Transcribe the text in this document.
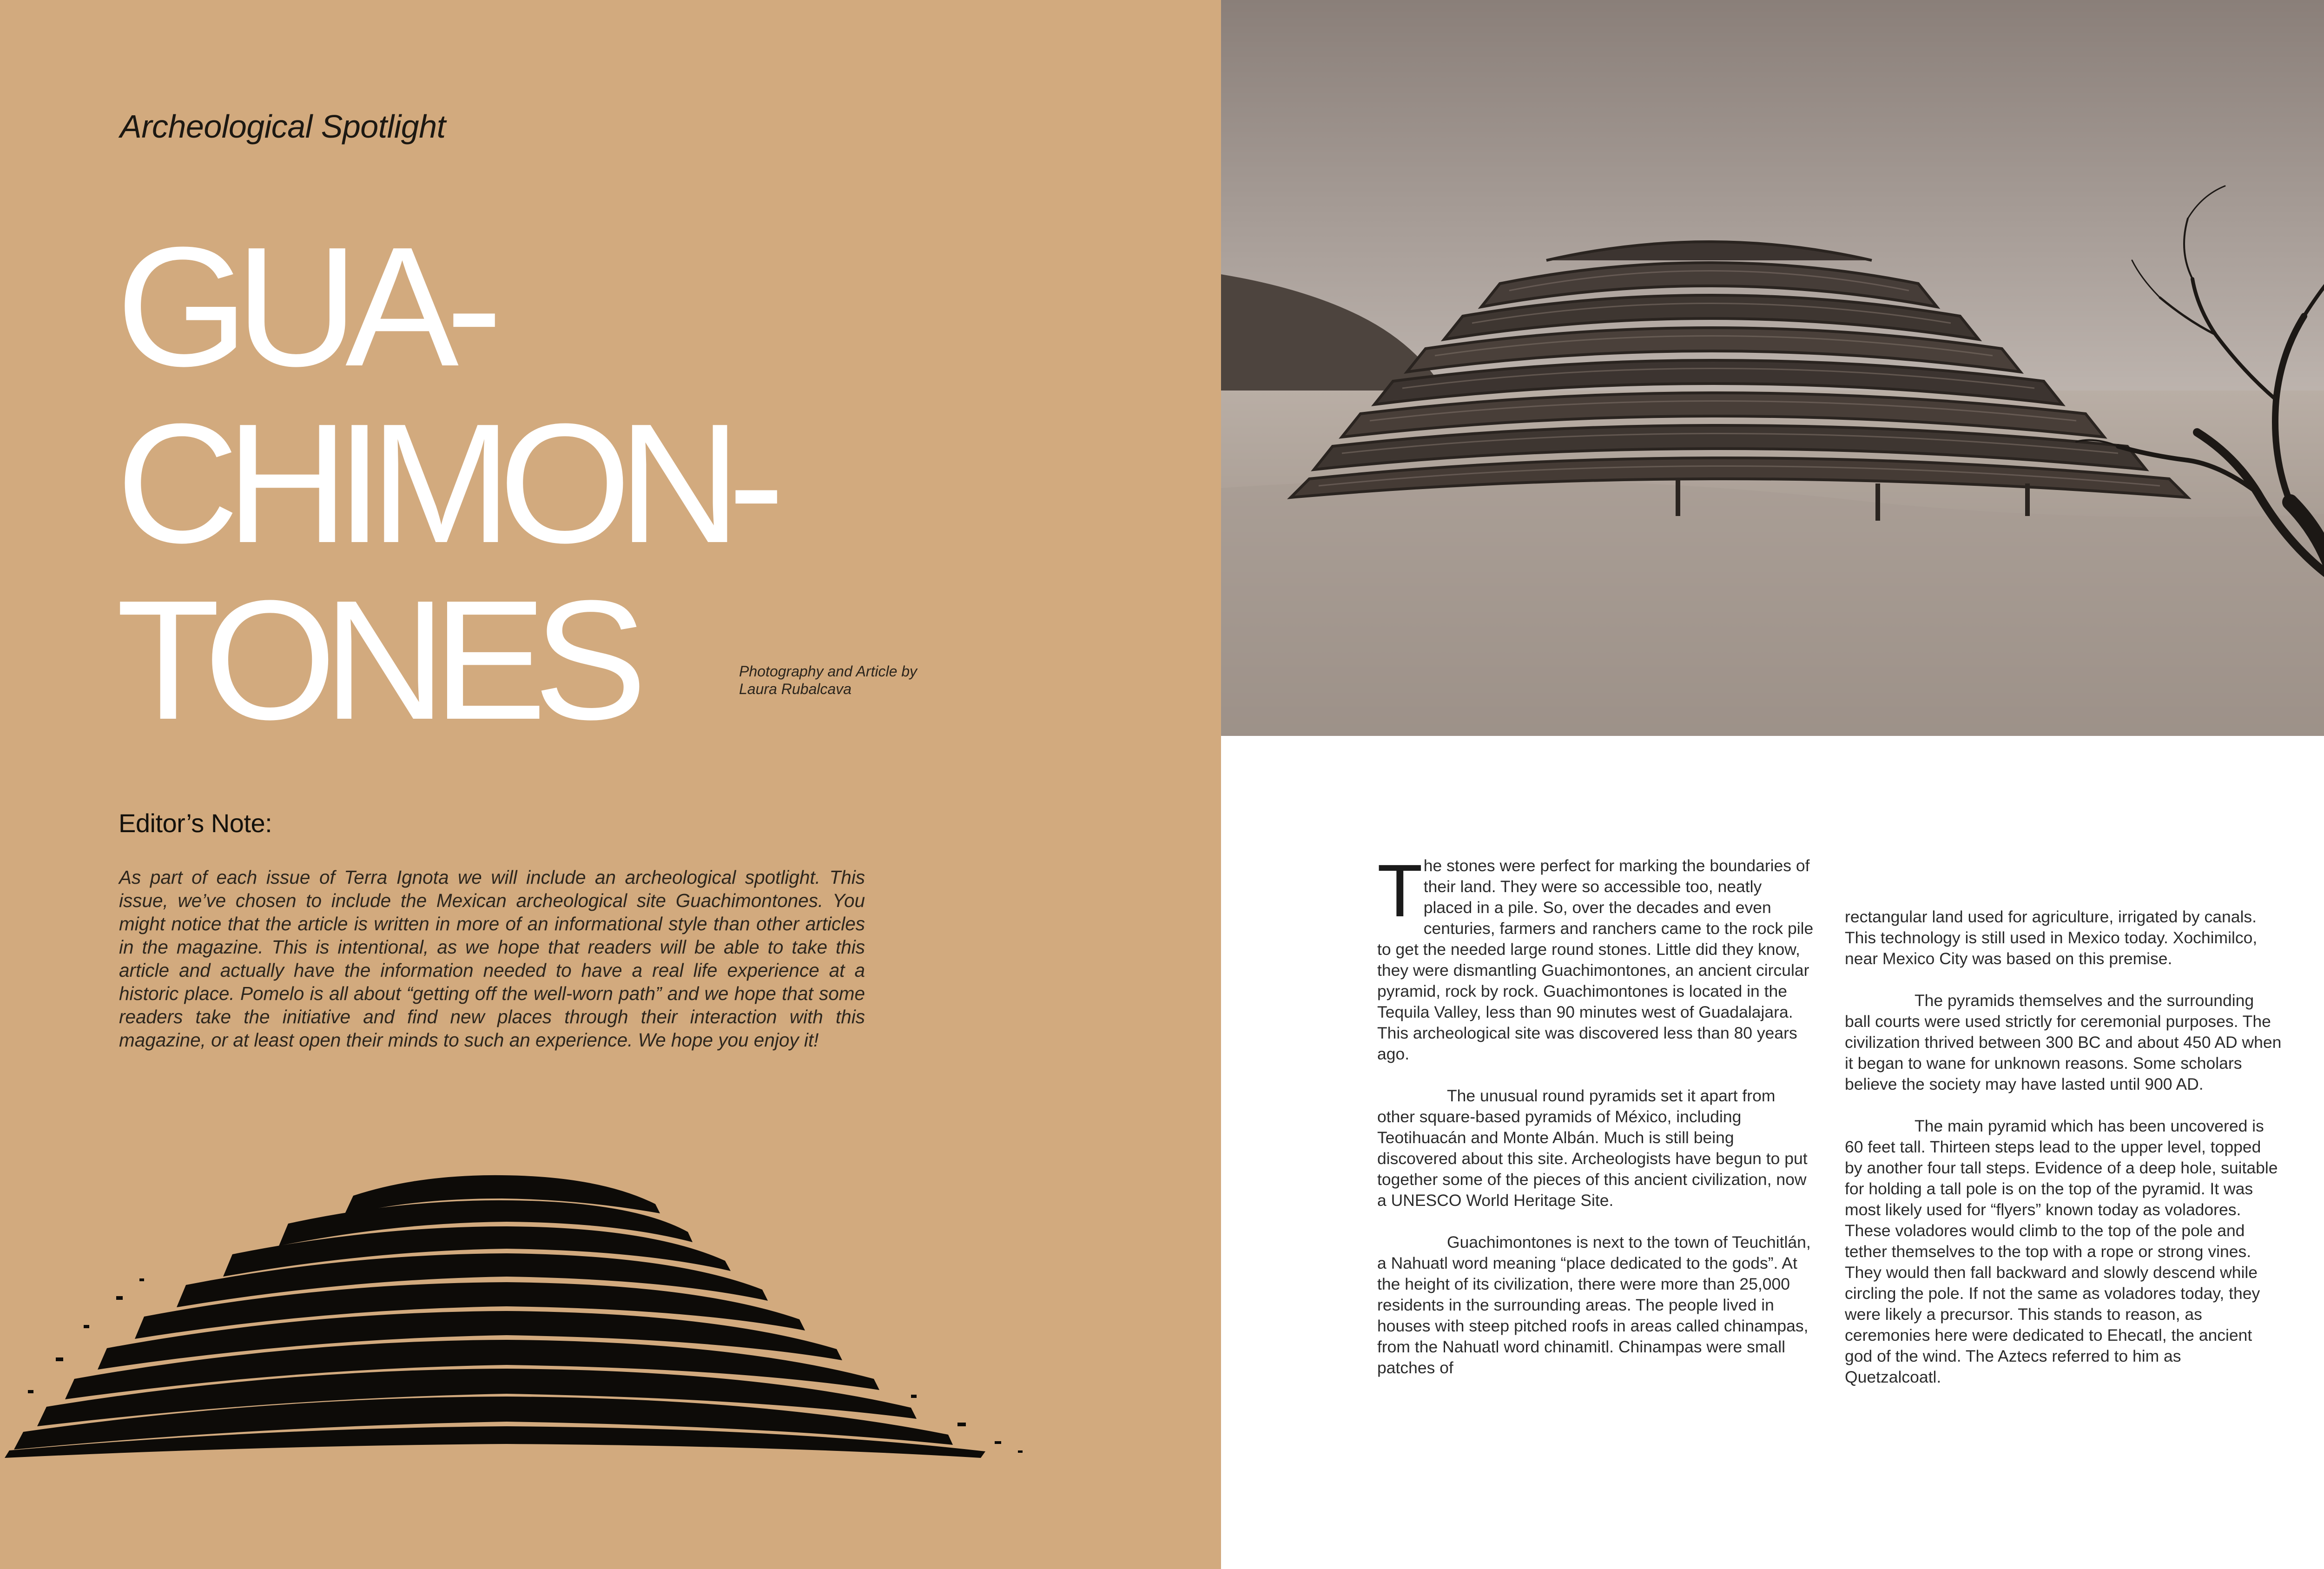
Archeological Spotlight
GUA-
CHIMON-
TONES	Photography and Article by
Laura Rubalcava
Editor’s Note:

As part of each issue of Terra Ignota we will include an archeological spotlight. This issue, we’ve chosen to include the Mexican archeological site Guachimontones. You might notice that the article is written in more of an informational style than other articles in the magazine. This is intentional, as we hope that readers will be able to take this article and actually have the information needed to have a real life experience at a historic place. Pomelo is all about “getting off the well-worn path” and we hope that some readers take the initiative and find new places through their interaction with this magazine, or at least open their minds to such an experience. We hope you enjoy it!

The stones were perfect for marking the boundaries of their land. They were so accessible too, neatly placed in a pile. So, over the decades and even centuries, farmers and ranchers came to the rock pile to get the needed large round stones. Little did they know, they were dismantling Guachimontones, an ancient circular pyramid, rock by rock. Guachimontones is located in the Tequila Valley, less than 90 minutes west of Guadalajara. This archeological site was discovered less than 80 years ago.

The unusual round pyramids set it apart from other square-based pyramids of México, including Teotihuacán and Monte Albán. Much is still being discovered about this site. Archeologists have begun to put together some of the pieces of this ancient civilization, now a UNESCO World Heritage Site.

Guachimontones is next to the town of Teuchitlán, a Nahuatl word meaning “place dedicated to the gods”. At the height of its civilization, there were more than 25,000 residents in the surrounding areas. The people lived in houses with steep pitched roofs in areas called chinampas, from the Nahuatl word chinamitl. Chinampas were small patches of

rectangular land used for agriculture, irrigated by canals. This technology is still used in Mexico today. Xochimilco, near Mexico City was based on this premise.

The pyramids themselves and the surrounding ball courts were used strictly for ceremonial purposes. The civilization thrived between 300 BC and about 450 AD when it began to wane for unknown reasons. Some scholars believe the society may have lasted until 900 AD.

The main pyramid which has been uncovered is 60 feet tall. Thirteen steps lead to the upper level, topped by another four tall steps. Evidence of a deep hole, suitable for holding a tall pole is on the top of the pyramid. It was most likely used for “flyers” known today as voladores. These voladores would climb to the top of the pole and tether themselves to the top with a rope or strong vines. They would then fall backward and slowly descend while circling the pole. If not the same as voladores today, they were likely a precursor. This stands to reason, as ceremonies here were dedicated to Ehecatl, the ancient god of the wind. The Aztecs referred to him as Quetzalcoatl.
